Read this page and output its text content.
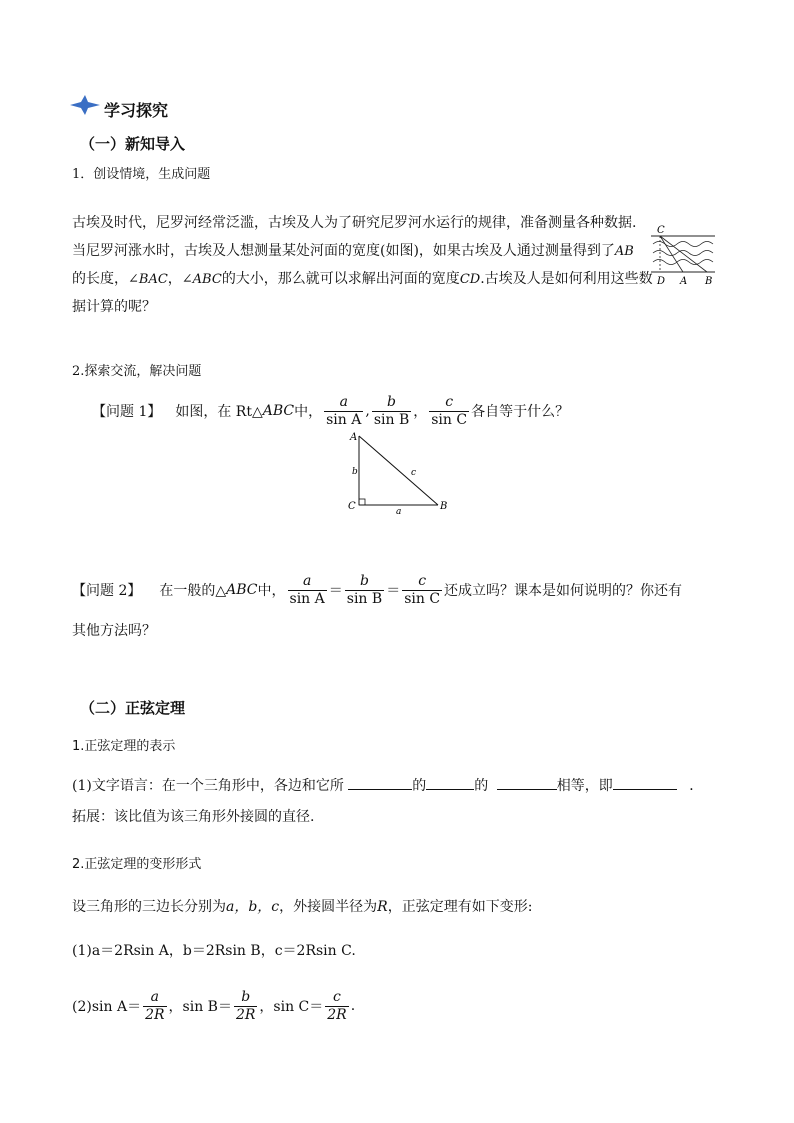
学习探究
（一）新知导入
1．创设情境，生成问题
古埃及时代，尼罗河经常泛滥，古埃及人为了研究尼罗河水运行的规律，准备测量各种数据.
当尼罗河涨水时，古埃及人想测量某处河面的宽度(如图)，如果古埃及人通过测量得到了AB
的长度，∠BAC，∠ABC的大小，那么就可以求解出河面的宽度CD.古埃及人是如何利用这些数
据计算的呢？
C
D A B
2.探索交流，解决问题
【问题 1】 如图，在 Rt△ ABC 中， $\frac{a}{\text{sin A}}$ , $\frac{b}{\text{sin B}}$ ， $\frac{c}{\text{sin C}}$ 各自等于什么？
A
C	B
b
a
c
【问题 2】 在一般的△ ABC 中， $\frac{a}{\text{sin A}} = \frac{b}{\text{sin B}} = \frac{c}{\text{sin C}}$ 还成立吗？课本是如何说明的？你还有
其他方法吗？
（二）正弦定理
1.正弦定理的表示
(1)文字语言：在一个三角形中，各边和它所	的	的	相等，即	．
拓展：该比值为该三角形外接圆的直径.
2.正弦定理的变形形式
设三角形的三边长分别为a，b，c，外接圆半径为R，正弦定理有如下变形:
(1)a＝2Rsin A，b＝2Rsin B，c＝2Rsin C.
(2)sin $A= \frac{a}{2R}$ ，$\sin B= \frac{b}{2R}$ ，$\sin C= \frac{c}{2R}$ .
